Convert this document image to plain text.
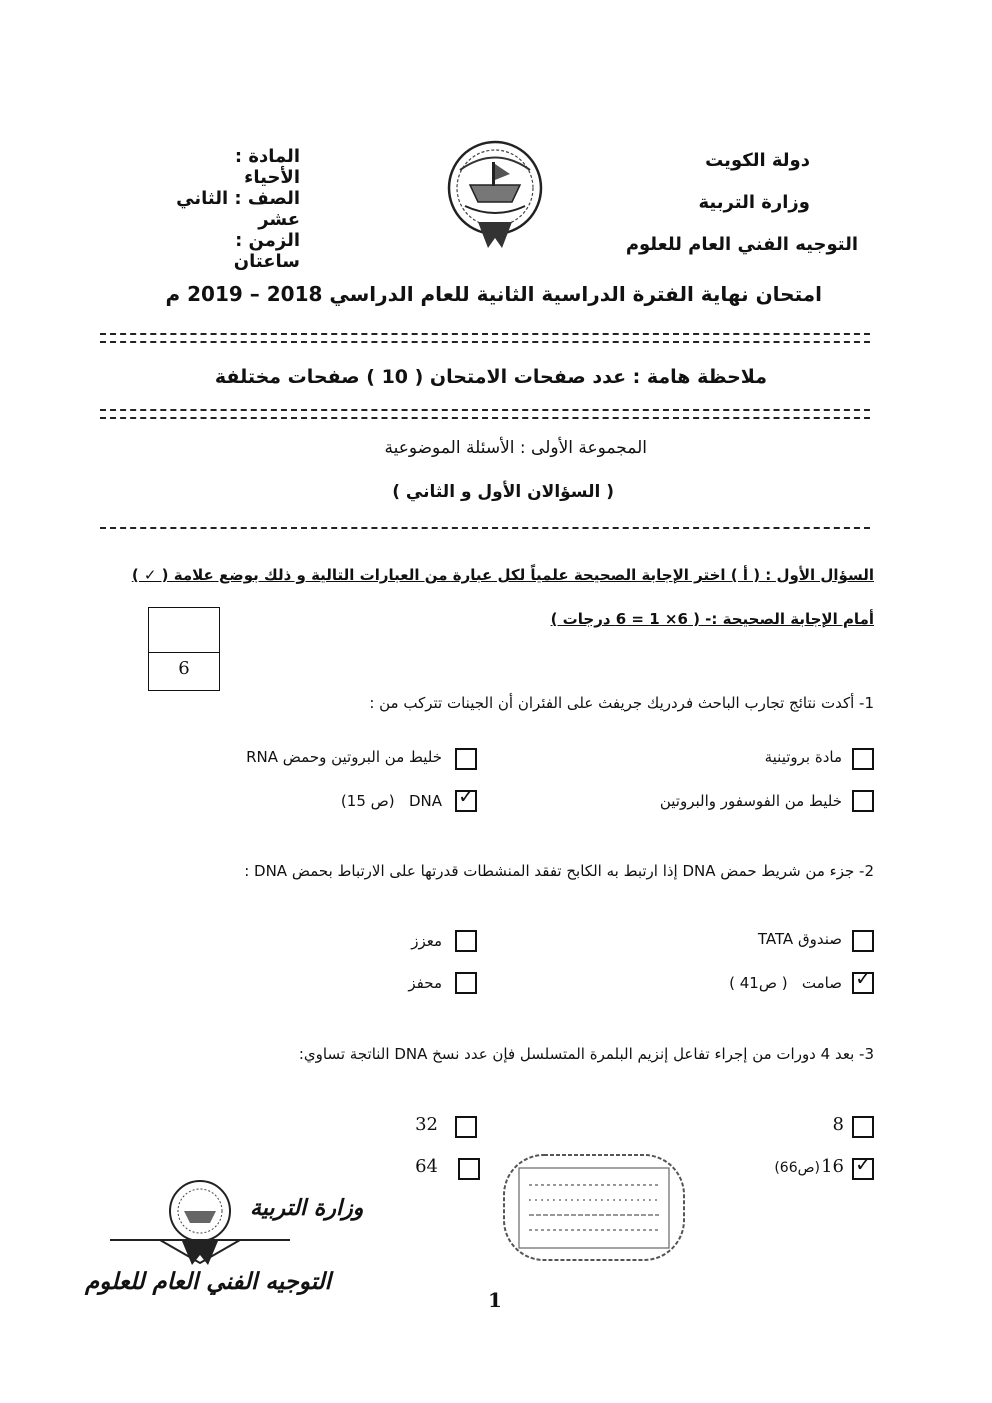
دولة الكويت
وزارة التربية
التوجيه الفني العام للعلوم
المادة : الأحياء
الصف : الثاني عشر
الزمن : ساعتان
امتحان نهاية الفترة الدراسية الثانية للعام الدراسي 2018 – 2019 م
ملاحظة هامة : عدد صفحات الامتحان ( 10 ) صفحات مختلفة
المجموعة الأولى : الأسئلة الموضوعية
( السؤالان الأول و الثاني )
السؤال الأول : ( أ ) اختر الإجابة الصحيحة علمياً لكل عبارة من العبارات التالية و ذلك بوضع علامة ( ✓ )
أمام الإجابة الصحيحة :- ( 6× 1 = 6 درجات )
6
1- أكدت نتائج تجارب الباحث فردريك جريفث على الفئران أن الجينات تتركب من :
مادة بروتينية
خليط من البروتين وحمض RNA
خليط من الفوسفور والبروتين
✓
DNA   (ص 15)
2- جزء من شريط حمض DNA إذا ارتبط به الكابح تفقد المنشطات قدرتها على الارتباط بحمض DNA :
صندوق TATA
معزز
✓
صامت   ( ص41 )
محفز
3- بعد 4 دورات من إجراء تفاعل إنزيم البلمرة المتسلسل فإن عدد نسخ DNA الناتجة تساوي:
8
32
✓
16
(ص66)
64
وزارة التربية
التوجيه الفني العام للعلوم
1
